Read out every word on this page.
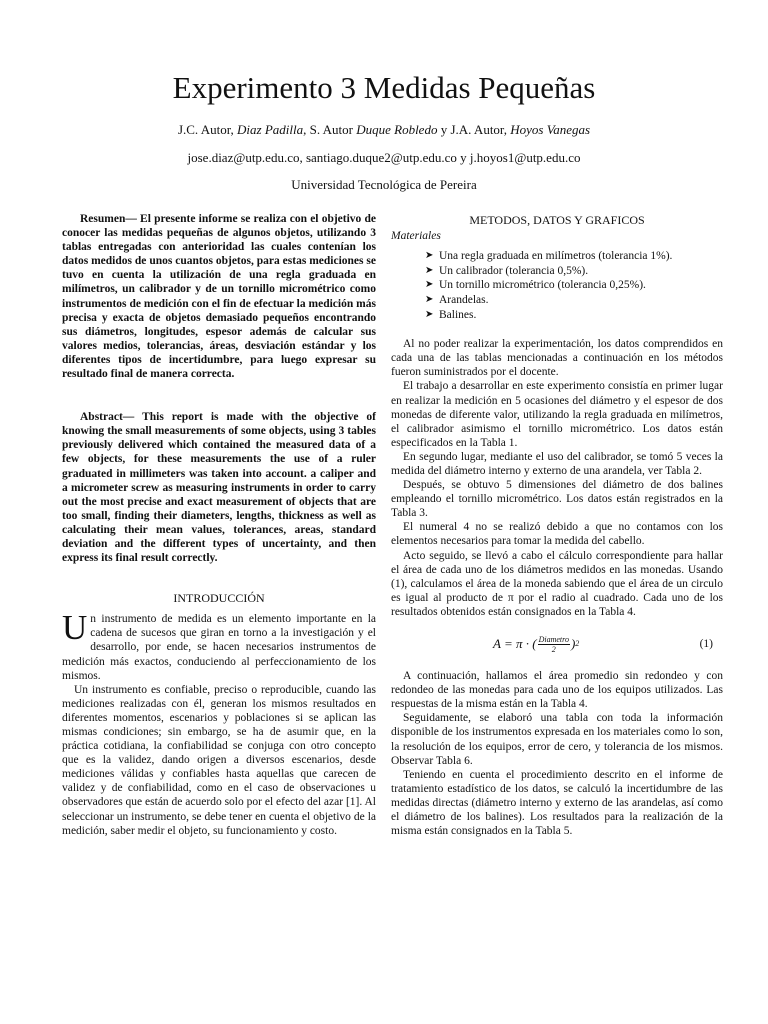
Experimento 3 Medidas Pequeñas
J.C. Autor, Diaz Padilla, S. Autor Duque Robledo y J.A. Autor, Hoyos Vanegas
jose.diaz@utp.edu.co, santiago.duque2@utp.edu.co y j.hoyos1@utp.edu.co
Universidad Tecnológica de Pereira

Resumen— El presente informe se realiza con el objetivo de conocer las medidas pequeñas de algunos objetos, utilizando 3 tablas entregadas con anterioridad las cuales contenían los datos medidos de unos cuantos objetos, para estas mediciones se tuvo en cuenta la utilización de una regla graduada en milímetros, un calibrador y de un tornillo micrométrico como instrumentos de medición con el fin de efectuar la medición más precisa y exacta de objetos demasiado pequeños encontrando sus diámetros, longitudes, espesor además de calcular sus valores medios, tolerancias, áreas, desviación estándar y los diferentes tipos de incertidumbre, para luego expresar su resultado final de manera correcta.

Abstract— This report is made with the objective of knowing the small measurements of some objects, using 3 tables previously delivered which contained the measured data of a few objects, for these measurements the use of a ruler graduated in millimeters was taken into account. a caliper and a micrometer screw as measuring instruments in order to carry out the most precise and exact measurement of objects that are too small, finding their diameters, lengths, thickness as well as calculating their mean values, tolerances, areas, standard deviation and the different types of uncertainty, and then express its final result correctly.

INTRODUCCIÓN

Un instrumento de medida es un elemento importante en la cadena de sucesos que giran en torno a la investigación y el desarrollo, por ende, se hacen necesarios instrumentos de medición más exactos, conduciendo al perfeccionamiento de los mismos.

Un instrumento es confiable, preciso o reproducible, cuando las mediciones realizadas con él, generan los mismos resultados en diferentes momentos, escenarios y poblaciones si se aplican las mismas condiciones; sin embargo, se ha de asumir que, en la práctica cotidiana, la confiabilidad se conjuga con otro concepto que es la validez, dando origen a diversos escenarios, desde mediciones válidas y confiables hasta aquellas que carecen de validez y de confiabilidad, como en el caso de observaciones u observadores que están de acuerdo solo por el efecto del azar [1]. Al seleccionar un instrumento, se debe tener en cuenta el objetivo de la medición, saber medir el objeto, su funcionamiento y costo.

METODOS, DATOS Y GRAFICOS

Materiales

➤ Una regla graduada en milímetros (tolerancia 1%).
➤ Un calibrador (tolerancia 0,5%).
➤ Un tornillo micrométrico (tolerancia 0,25%).
➤ Arandelas.
➤ Balines.

Al no poder realizar la experimentación, los datos comprendidos en cada una de las tablas mencionadas a continuación en los métodos fueron suministrados por el docente.

El trabajo a desarrollar en este experimento consistía en primer lugar en realizar la medición en 5 ocasiones del diámetro y el espesor de dos monedas de diferente valor, utilizando la regla graduada en milímetros, el calibrador asimismo el tornillo micrométrico. Los datos están especificados en la Tabla 1.

En segundo lugar, mediante el uso del calibrador, se tomó 5 veces la medida del diámetro interno y externo de una arandela, ver Tabla 2.

Después, se obtuvo 5 dimensiones del diámetro de dos balines empleando el tornillo micrométrico. Los datos están registrados en la Tabla 3.

El numeral 4 no se realizó debido a que no contamos con los elementos necesarios para tomar la medida del cabello.

Acto seguido, se llevó a cabo el cálculo correspondiente para hallar el área de cada uno de los diámetros medidos en las monedas. Usando (1), calculamos el área de la moneda sabiendo que el área de un circulo es igual al producto de π por el radio al cuadrado. Cada uno de los resultados obtenidos están consignados en la Tabla 4.

A = π · ( $\frac{\text{Diametro}}{2}$ ) 2	(1)

A continuación, hallamos el área promedio sin redondeo y con redondeo de las monedas para cada uno de los equipos utilizados. Las respuestas de la misma están en la Tabla 4.

Seguidamente, se elaboró una tabla con toda la información disponible de los instrumentos expresada en los materiales como lo son, la resolución de los equipos, error de cero, y tolerancia de los mismos. Observar Tabla 6.

Teniendo en cuenta el procedimiento descrito en el informe de tratamiento estadístico de los datos, se calculó la incertidumbre de las medidas directas (diámetro interno y externo de las arandelas, así como el diámetro de los balines). Los resultados para la realización de la misma están consignados en la Tabla 5.
